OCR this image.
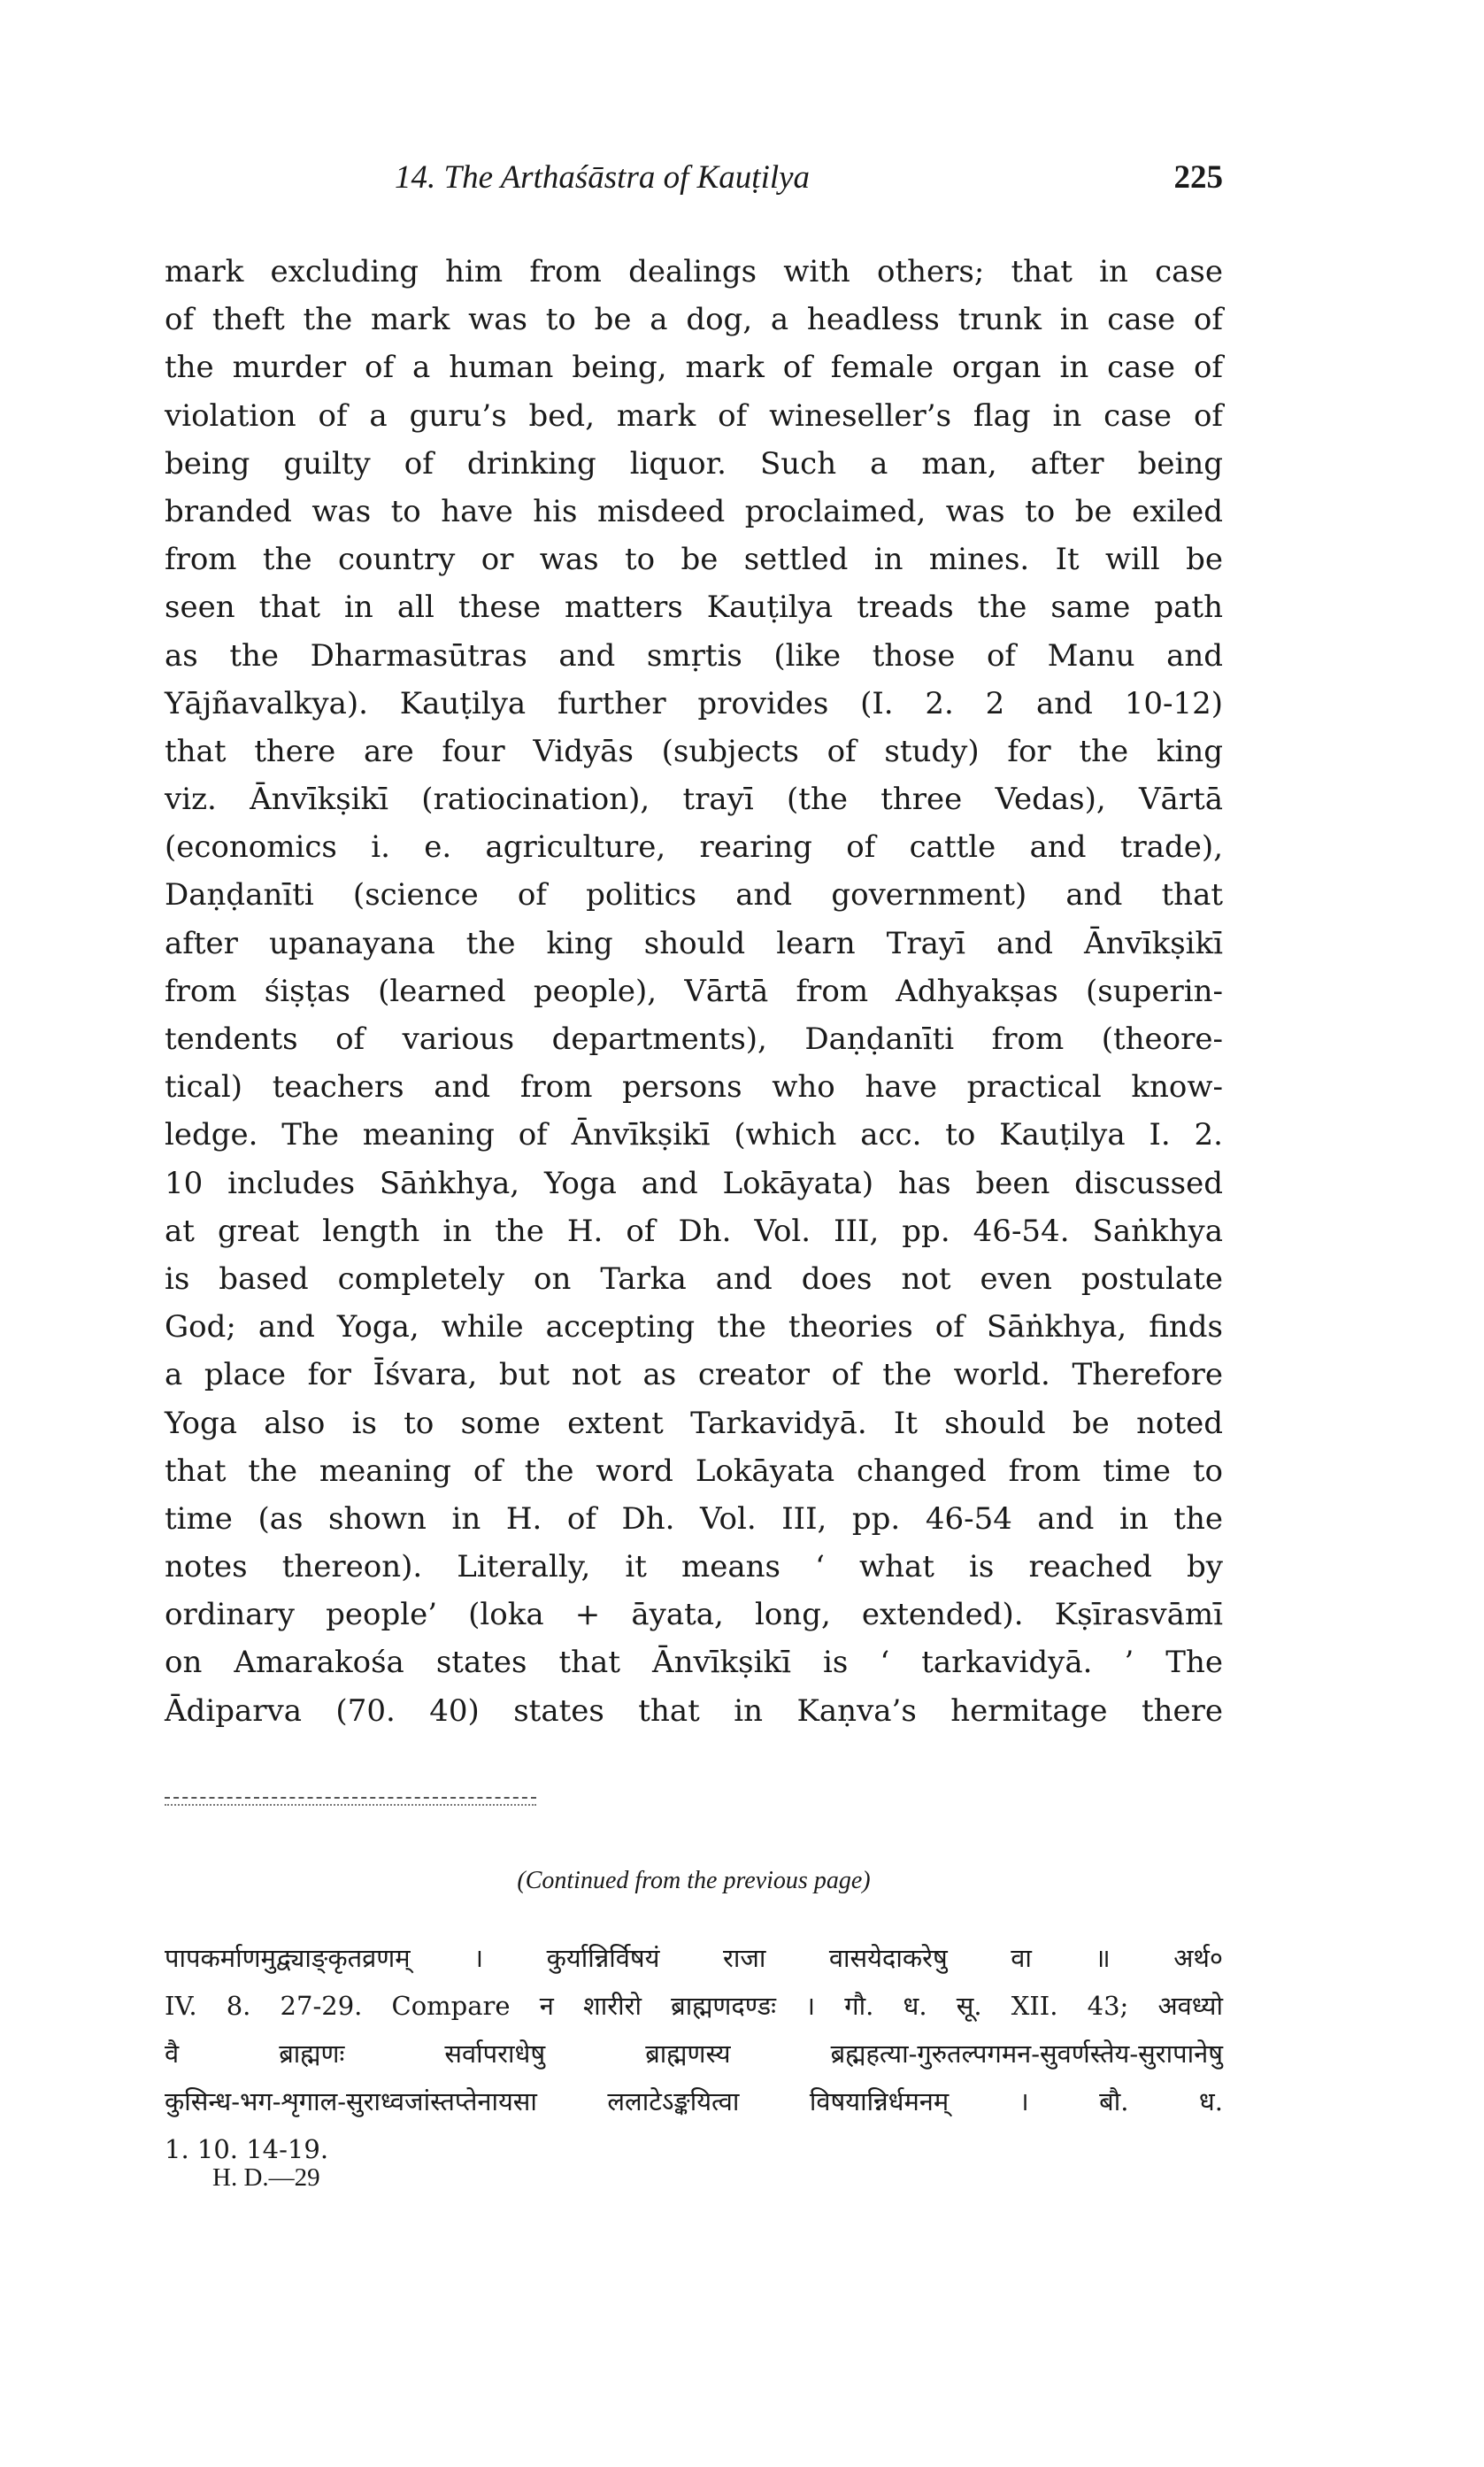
14. The Arthaśāstra of Kauṭilya	225
mark excluding him from dealings with others; that in case
of theft the mark was to be a dog, a headless trunk in case of
the murder of a human being, mark of female organ in case of
violation of a guru’s bed, mark of wineseller’s flag in case of
being guilty of drinking liquor. Such a man, after being
branded was to have his misdeed proclaimed, was to be exiled
from the country or was to be settled in mines. It will be
seen that in all these matters Kauṭilya treads the same path
as the Dharmasūtras and smṛtis (like those of Manu and
Yājñavalkya). Kauṭilya further provides (I. 2. 2 and 10-12)
that there are four Vidyās (subjects of study) for the king
viz. Ānvīkṣikī (ratiocination), trayī (the three Vedas), Vārtā
(economics i. e. agriculture, rearing of cattle and trade),
Daṇḍanīti (science of politics and government) and that
after upanayana the king should learn Trayī and Ānvīkṣikī
from śiṣṭas (learned people), Vārtā from Adhyakṣas (superin-
tendents of various departments), Daṇḍanīti from (theore-
tical) teachers and from persons who have practical know-
ledge. The meaning of Ānvīkṣikī (which acc. to Kauṭilya I. 2.
10 includes Sāṅkhya, Yoga and Lokāyata) has been discussed
at great length in the H. of Dh. Vol. III, pp. 46-54. Saṅkhya
is based completely on Tarka and does not even postulate
God; and Yoga, while accepting the theories of Sāṅkhya, finds
a place for Īśvara, but not as creator of the world. Therefore
Yoga also is to some extent Tarkavidyā. It should be noted
that the meaning of the word Lokāyata changed from time to
time (as shown in H. of Dh. Vol. III, pp. 46-54 and in the
notes thereon). Literally, it means ‘ what is reached by
ordinary people’ (loka + āyata, long, extended). Kṣīrasvāmī
on Amarakośa states that Ānvīkṣikī is ‘ tarkavidyā. ’ The
Ādiparva (70. 40) states that in Kaṇva’s hermitage there
(Continued from the previous page)
पापकर्माणमुद्व्याङ्कृतव्रणम् । कुर्यान्निर्विषयं राजा वासयेदाकरेषु वा ॥ अर्थ०
IV. 8. 27-29. Compare न शारीरो ब्राह्मणदण्डः । गौ. ध. सू. XII. 43; अवध्यो
वै ब्राह्मणः सर्वापराधेषु ब्राह्मणस्य ब्रह्महत्या-गुरुतल्पगमन-सुवर्णस्तेय-सुरापानेषु
कुसिन्ध-भग-शृगाल-सुराध्वजांस्तप्तेनायसा ललाटेऽङ्कयित्वा विषयान्निर्धमनम् । बौ. ध.
1. 10. 14-19.
H. D.—29
